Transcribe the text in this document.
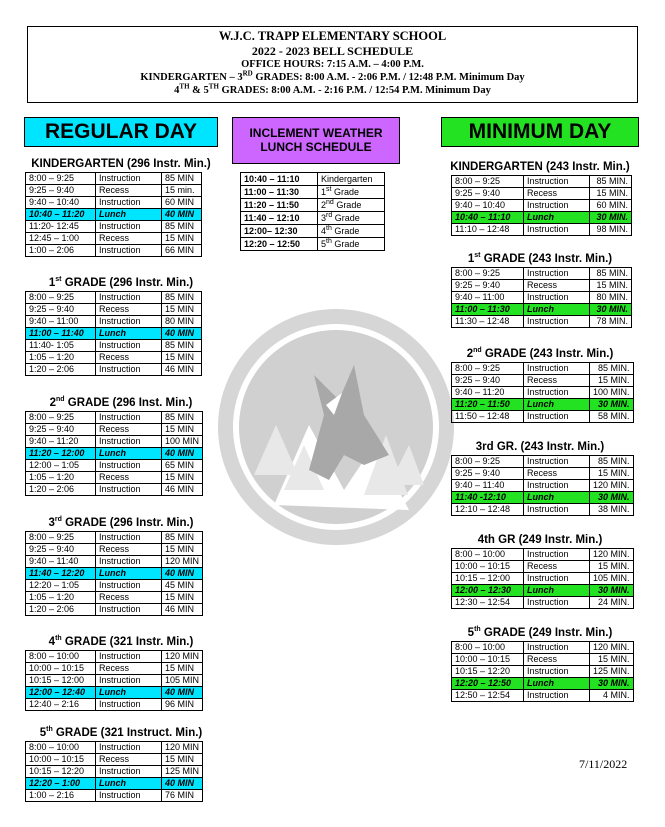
W.J.C. TRAPP ELEMENTARY SCHOOL
2022 - 2023 BELL SCHEDULE
OFFICE HOURS: 7:15 A.M. – 4:00 P.M.
KINDERGARTEN – 3RD GRADES: 8:00 A.M. - 2:06 P.M. / 12:48 P.M. Minimum Day
4TH & 5TH GRADES: 8:00 A.M. - 2:16 P.M. / 12:54 P.M. Minimum Day
REGULAR DAY	INCLEMENT WEATHER
LUNCH SCHEDULE
MINIMUM DAY
KINDERGARTEN (296 Instr. Min.)
8:00 – 9:25	Instruction	85 MIN
9:25 – 9:40	Recess	15 min.
9:40 – 10:40	Instruction	60 MIN
10:40 – 11:20	Lunch	40 MIN
11:20- 12:45	Instruction	85 MIN
12:45 – 1:00	Recess	15 MIN
1:00 – 2:06	Instruction	66 MIN
1st GRADE (296 Instr. Min.)
8:00 – 9:25	Instruction	85 MIN
9:25 – 9:40	Recess	15 MIN
9:40 – 11:00	Instruction	80 MIN
11:00 – 11:40	Lunch	40 MIN
11:40- 1:05	Instruction	85 MIN
1:05 – 1:20	Recess	15 MIN
1:20 – 2:06	Instruction	46 MIN
2nd GRADE (296 Inst. Min.)
8:00 – 9:25	Instruction	85 MIN
9:25 – 9:40	Recess	15 MIN
9:40 – 11:20	Instruction	100 MIN
11:20 – 12:00	Lunch	40 MIN
12:00 – 1:05	Instruction	65 MIN
1:05 – 1:20	Recess	15 MIN
1:20 – 2:06	Instruction	46 MIN
3rd GRADE (296 Instr. Min.)
8:00 – 9:25	Instruction	85 MIN
9:25 – 9:40	Recess	15 MIN
9:40 – 11:40	Instruction	120 MIN
11:40 – 12:20	Lunch	40 MIN
12:20 – 1:05	Instruction	45 MIN
1:05 – 1:20	Recess	15 MIN
1:20 – 2:06	Instruction	46 MIN
4th GRADE (321 Instr. Min.)
8:00 – 10:00	Instruction	120 MIN
10:00 – 10:15	Recess	15 MIN
10:15 – 12:00	Instruction	105 MIN
12:00 – 12:40	Lunch	40 MIN
12:40 – 2:16	Instruction	96 MIN
5th GRADE (321 Instruct. Min.)
8:00 – 10:00	Instruction	120 MIN
10:00 – 10:15	Recess	15 MIN
10:15 – 12:20	Instruction	125 MIN
12:20 – 1:00	Lunch	40 MIN
1:00 – 2:16	Instruction	76 MIN
10:40 – 11:10	Kindergarten
11:00 – 11:30	1st Grade
11:20 – 11:50	2nd Grade
11:40 – 12:10	3rd Grade
12:00– 12:30	4th Grade
12:20 – 12:50	5th Grade
KINDERGARTEN (243 Instr. Min.)
8:00 – 9:25	Instruction	85 MIN.
9:25 – 9:40	Recess	15 MIN.
9:40 – 10:40	Instruction	60 MIN.
10:40 – 11:10	Lunch	30 MIN.
11:10 – 12:48	Instruction	98 MIN.
1st GRADE (243 Instr. Min.)
8:00 – 9:25	Instruction	85 MIN.
9:25 – 9:40	Recess	15 MIN.
9:40 – 11:00	Instruction	80 MIN.
11:00 – 11:30	Lunch	30 MIN.
11:30 – 12:48	Instruction	78 MIN.
2nd GRADE (243 Instr. Min.)
8:00 – 9:25	Instruction	85 MIN.
9:25 – 9:40	Recess	15 MIN.
9:40 – 11:20	Instruction	100 MIN.
11:20 – 11:50	Lunch	30 MIN.
11:50 – 12:48	Instruction	58 MIN.
3rd GR. (243 Instr. Min.)
8:00 – 9:25	Instruction	85 MIN.
9:25 – 9:40	Recess	15 MIN.
9:40 – 11:40	Instruction	120 MIN.
11:40 -12:10	Lunch	30 MIN.
12:10 – 12:48	Instruction	38 MIN.
4th GR (249 Instr. Min.)
8:00 – 10:00	Instruction	120 MIN.
10:00 – 10:15	Recess	15 MIN.
10:15 – 12:00	Instruction	105 MIN.
12:00 – 12:30	Lunch	30 MIN.
12:30 – 12:54	Instruction	24 MIN.
5th GRADE (249 Instr. Min.)
8:00 – 10:00	Instruction	120 MIN.
10:00 – 10:15	Recess	15 MIN.
10:15 – 12:20	Instruction	125 MIN.
12:20 – 12:50	Lunch	30 MIN.
12:50 – 12:54	Instruction	4 MIN.
7/11/2022
